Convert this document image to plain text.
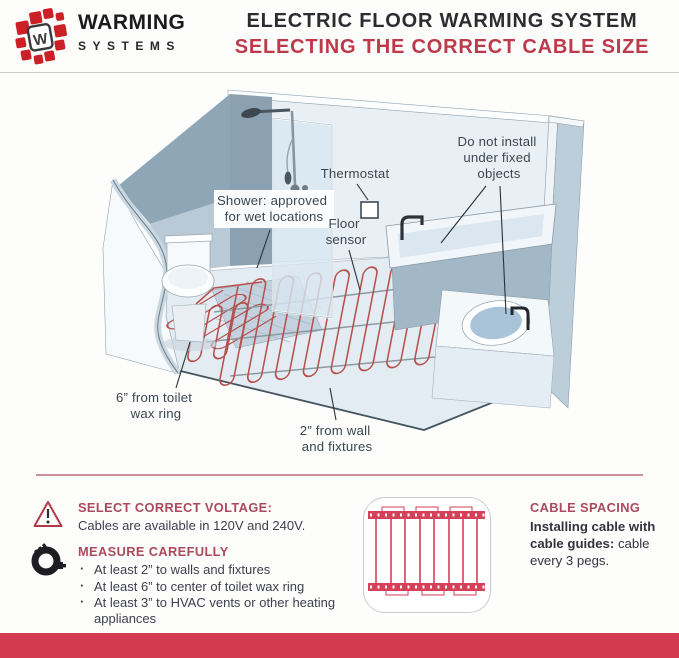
W
WARMING
SYSTEMS
ELECTRIC FLOOR WARMING SYSTEM
SELECTING THE CORRECT CABLE SIZE
Shower: approved for wet locations
Thermostat
Floor sensor
Do not install under fixed objects
6” from toilet wax ring
2” from wall and fixtures
SELECT CORRECT VOLTAGE:
Cables are available in 120V and 240V.
MEASURE CAREFULLY
· At least 2” to walls and fixtures
· At least 6” to center of toilet wax ring
· At least 3” to HVAC vents or other heating appliances
CABLE SPACING
Installing cable with cable guides: cable every 3 pegs.
